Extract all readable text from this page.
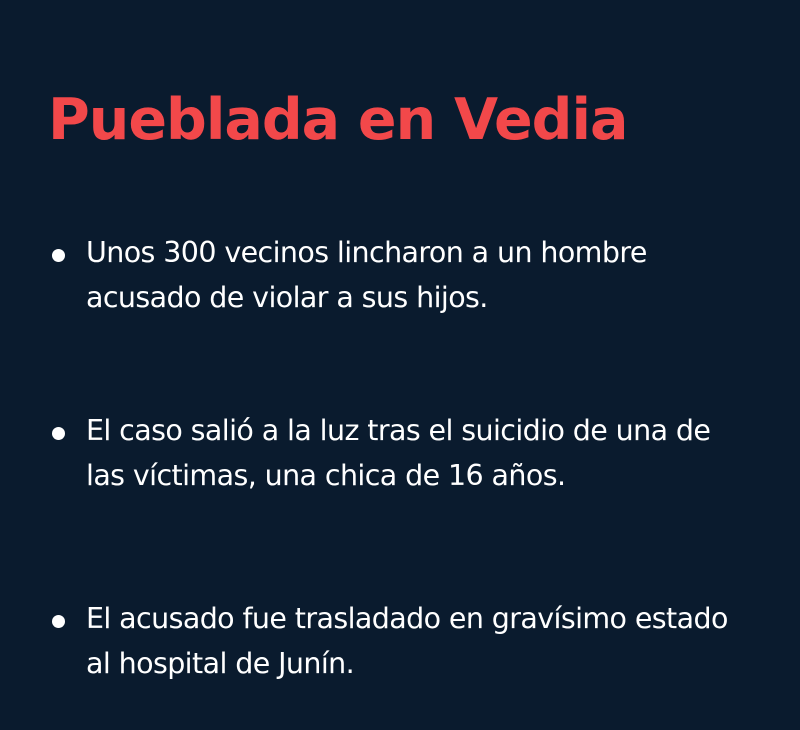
Pueblada en Vedia

Unos 300 vecinos lincharon a un hombre acusado de violar a sus hijos.

El caso salió a la luz tras el suicidio de una de las víctimas, una chica de 16 años.

El acusado fue trasladado en gravísimo estado al hospital de Junín.
